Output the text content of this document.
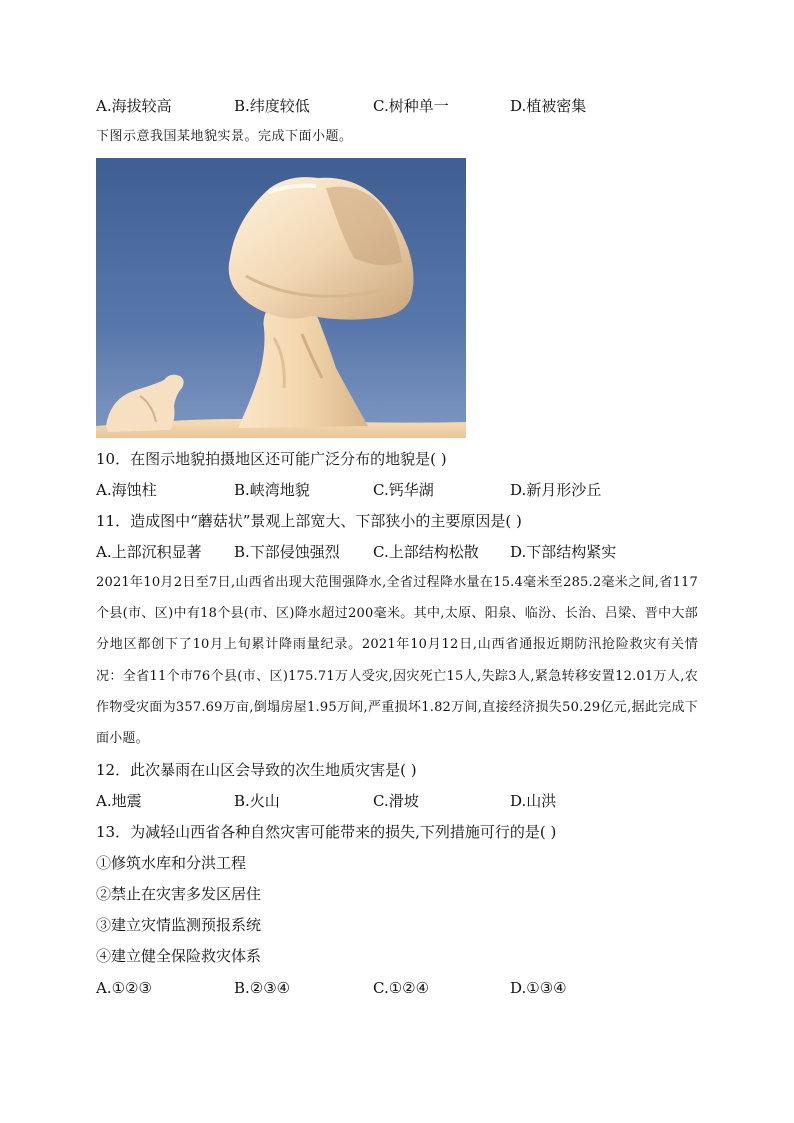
A.海拔较高	B.纬度较低	C.树种单一	D.植被密集
下图示意我国某地貌实景。完成下面小题。
10．在图示地貌拍摄地区还可能广泛分布的地貌是( )
A.海蚀柱	B.峡湾地貌	C.钙华湖	D.新月形沙丘
11．造成图中“蘑菇状”景观上部宽大、下部狭小的主要原因是( )
A.上部沉积显著 B.下部侵蚀强烈 C.上部结构松散 D.下部结构紧实
2021年10月2日至7日,山西省出现大范围强降水,全省过程降水量在15.4毫米至285.2毫米之间,省117个县(市、区)中有18个县(市、区)降水超过200毫米。其中,太原、阳泉、临汾、长治、吕梁、晋中大部分地区都创下了10月上旬累计降雨量纪录。2021年10月12日,山西省通报近期防汛抢险救灾有关情况：全省11个市76个县(市、区)175.71万人受灾,因灾死亡15人,失踪3人,紧急转移安置12.01万人,农作物受灾面为357.69万亩,倒塌房屋1.95万间,严重损坏1.82万间,直接经济损失50.29亿元,据此完成下面小题。
12．此次暴雨在山区会导致的次生地质灾害是( )
A.地震	B.火山	C.滑坡	D.山洪
13．为减轻山西省各种自然灾害可能带来的损失,下列措施可行的是( )
①修筑水库和分洪工程
②禁止在灾害多发区居住
③建立灾情监测预报系统
④建立健全保险救灾体系
A.①②③	B.②③④	C.①②④	D.①③④
